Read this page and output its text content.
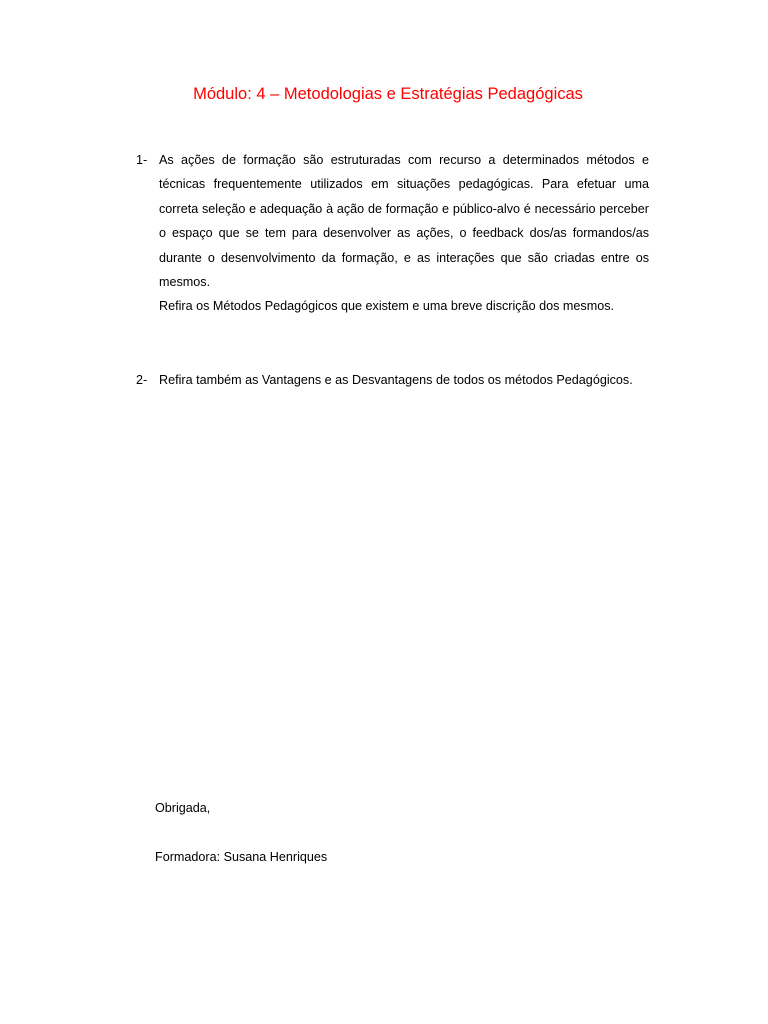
Módulo: 4 – Metodologias e Estratégias Pedagógicas
1- As ações de formação são estruturadas com recurso a determinados métodos e técnicas frequentemente utilizados em situações pedagógicas. Para efetuar uma correta seleção e adequação à ação de formação e público-alvo é necessário perceber o espaço que se tem para desenvolver as ações, o feedback dos/as formandos/as durante o desenvolvimento da formação, e as interações que são criadas entre os mesmos.
Refira os Métodos Pedagógicos que existem e uma breve discrição dos mesmos.
2- Refira também as Vantagens e as Desvantagens de todos os métodos Pedagógicos.
Obrigada,
Formadora: Susana Henriques
